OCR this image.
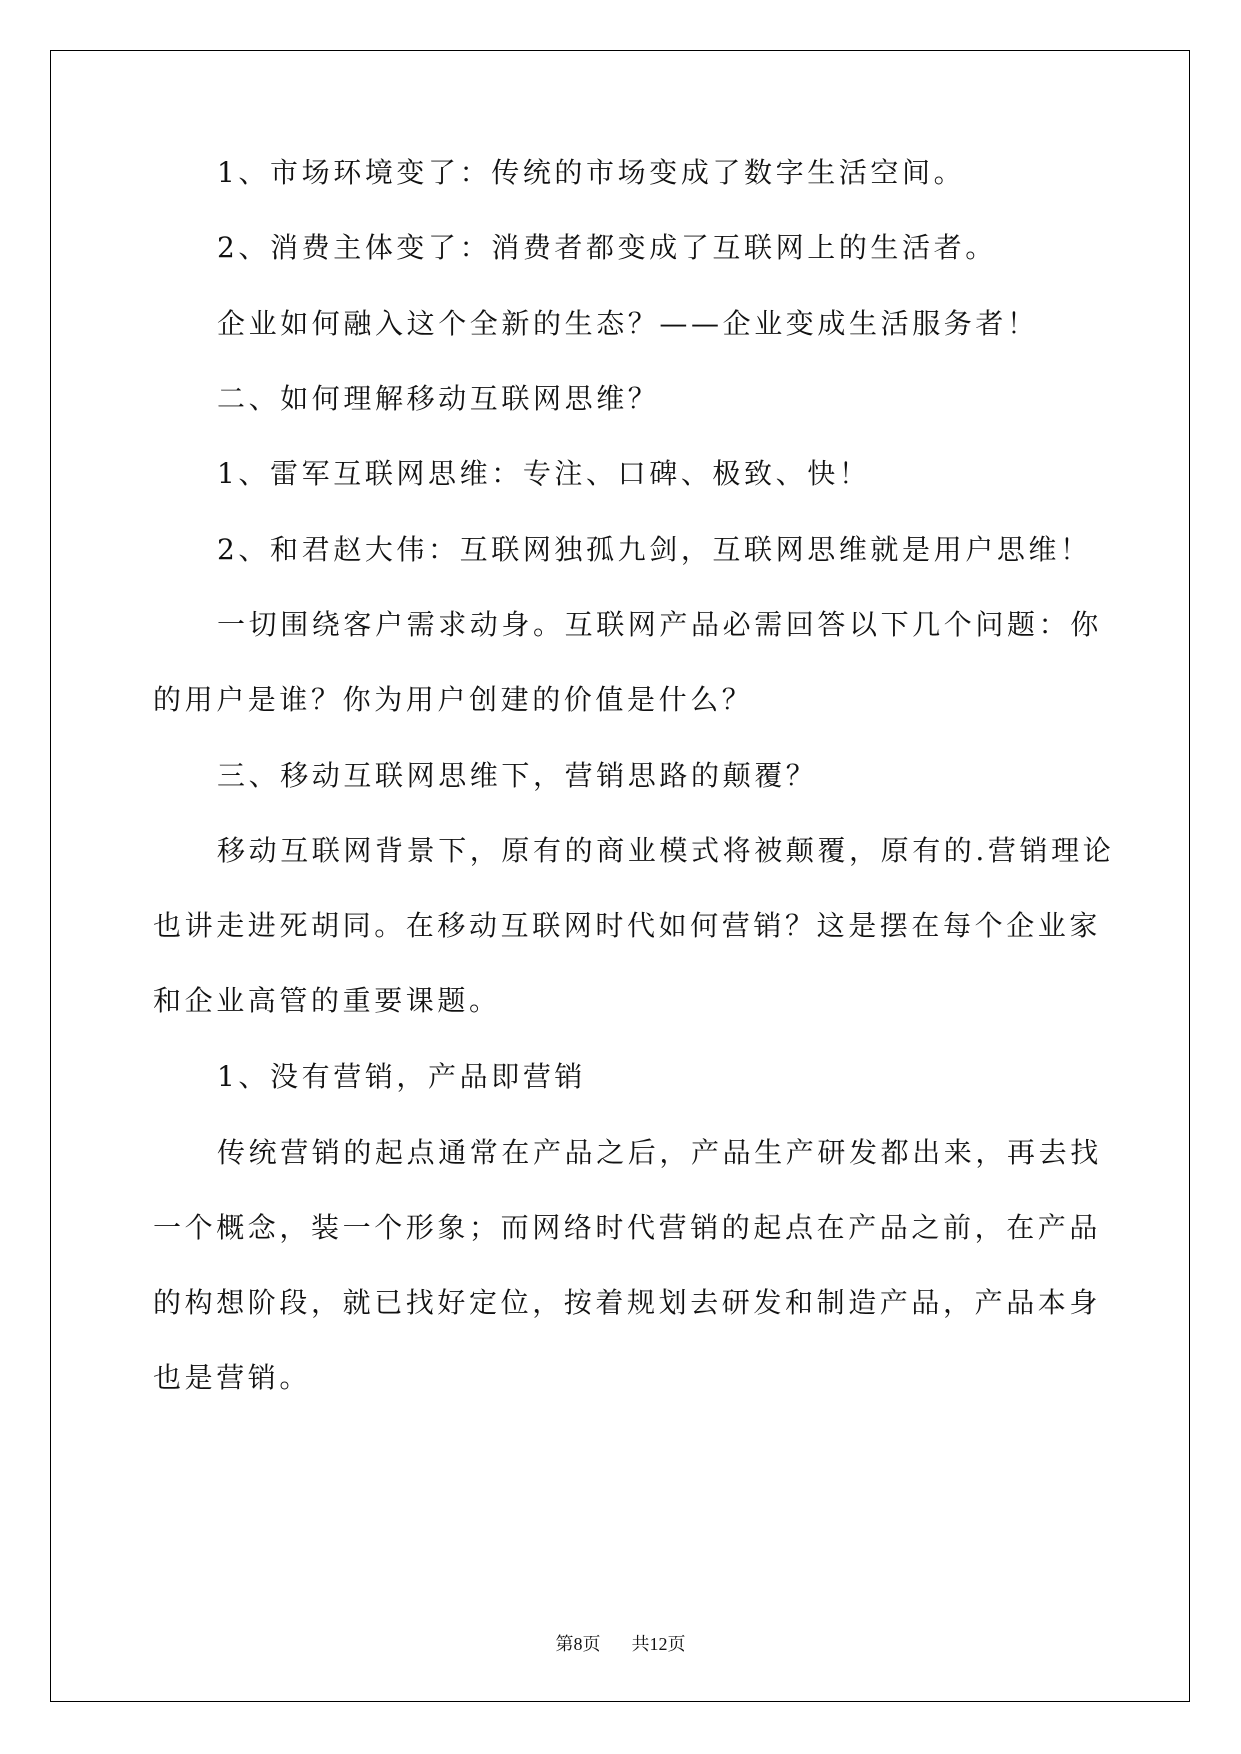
1、市场环境变了：传统的市场变成了数字生活空间。

2、消费主体变了：消费者都变成了互联网上的生活者。

企业如何融入这个全新的生态？——企业变成生活服务者！

二、如何理解移动互联网思维？

1、雷军互联网思维：专注、口碑、极致、快！

2、和君赵大伟：互联网独孤九剑，互联网思维就是用户思维！

一切围绕客户需求动身。互联网产品必需回答以下几个问题：你
的用户是谁？你为用户创建的价值是什么？

三、移动互联网思维下，营销思路的颠覆？

移动互联网背景下，原有的商业模式将被颠覆，原有的.营销理论
也讲走进死胡同。在移动互联网时代如何营销？这是摆在每个企业家
和企业高管的重要课题。

1、没有营销，产品即营销

传统营销的起点通常在产品之后，产品生产研发都出来，再去找
一个概念，装一个形象；而网络时代营销的起点在产品之前，在产品
的构想阶段，就已找好定位，按着规划去研发和制造产品，产品本身
也是营销。

第8页 共12页
